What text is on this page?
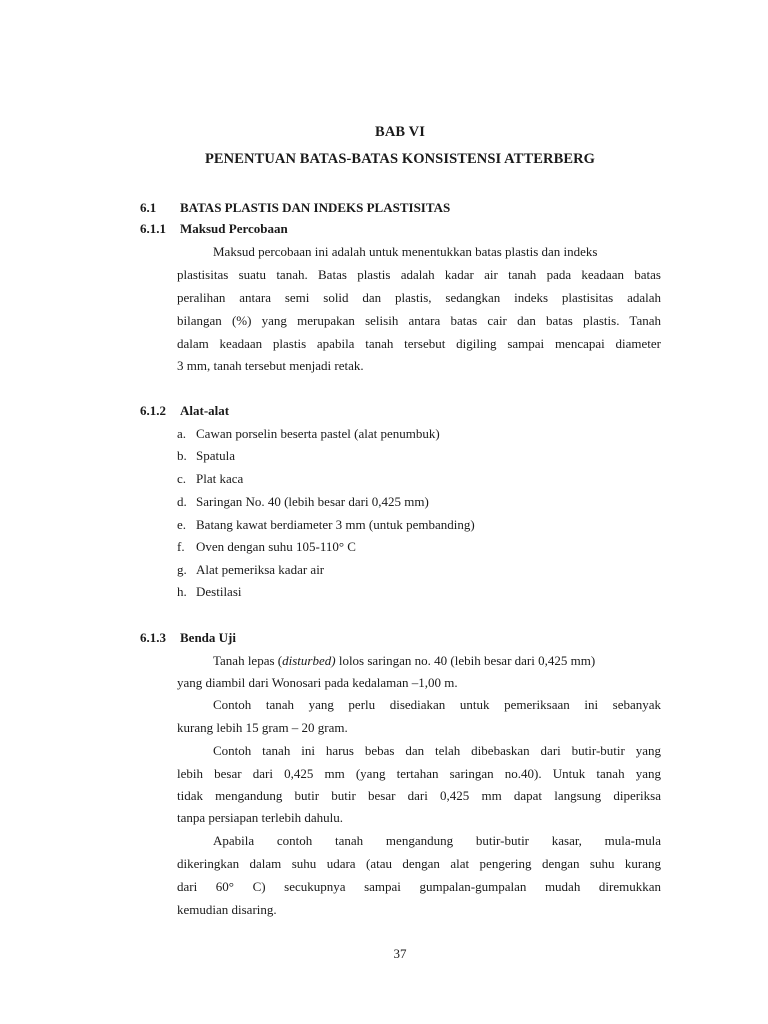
BAB VI
PENENTUAN BATAS-BATAS KONSISTENSI ATTERBERG
6.1 BATAS PLASTIS DAN INDEKS PLASTISITAS
6.1.1 Maksud Percobaan
Maksud percobaan ini adalah untuk menentukkan batas plastis dan indeks
plastisitas suatu tanah. Batas plastis adalah kadar air tanah pada keadaan batas
peralihan antara semi solid dan plastis, sedangkan indeks plastisitas adalah
bilangan (%) yang merupakan selisih antara batas cair dan batas plastis. Tanah
dalam keadaan plastis apabila tanah tersebut digiling sampai mencapai diameter
3 mm, tanah tersebut menjadi retak.
6.1.2 Alat-alat
a. Cawan porselin beserta pastel (alat penumbuk)
b. Spatula
c. Plat kaca
d. Saringan No. 40 (lebih besar dari 0,425 mm)
e. Batang kawat berdiameter 3 mm (untuk pembanding)
f. Oven dengan suhu 105-110° C
g. Alat pemeriksa kadar air
h. Destilasi
6.1.3 Benda Uji
Tanah lepas (disturbed) lolos saringan no. 40 (lebih besar dari 0,425 mm)
yang diambil dari Wonosari pada kedalaman –1,00 m.
Contoh tanah yang perlu disediakan untuk pemeriksaan ini sebanyak
kurang lebih 15 gram – 20 gram.
Contoh tanah ini harus bebas dan telah dibebaskan dari butir-butir yang
lebih besar dari 0,425 mm (yang tertahan saringan no.40). Untuk tanah yang
tidak mengandung butir butir besar dari 0,425 mm dapat langsung diperiksa
tanpa persiapan terlebih dahulu.
Apabila contoh tanah mengandung butir-butir kasar, mula-mula
dikeringkan dalam suhu udara (atau dengan alat pengering dengan suhu kurang
dari 60° C) secukupnya sampai gumpalan-gumpalan mudah diremukkan
kemudian disaring.
37
